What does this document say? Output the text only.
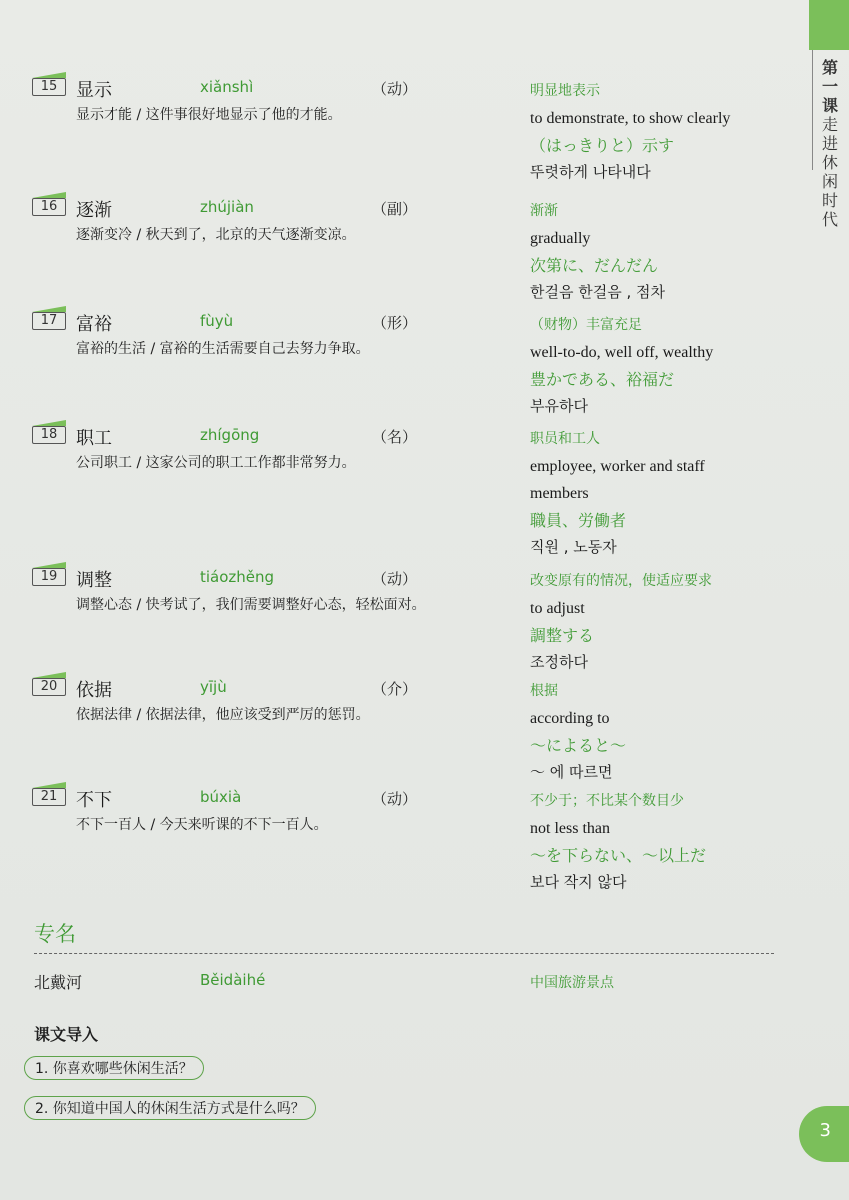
第一课
走进休闲时代
15	显示	xiǎnshì	（动）
显示才能 / 这件事很好地显示了他的才能。
明显地表示
to demonstrate, to show clearly
（はっきりと）示す
뚜렷하게 나타내다
16	逐渐	zhújiàn	（副）
逐渐变冷 / 秋天到了，北京的天气逐渐变凉。
渐渐
gradually
次第に、だんだん
한걸음 한걸음 , 점차
17	富裕	fùyù	（形）
富裕的生活 / 富裕的生活需要自己去努力争取。
（财物）丰富充足
well-to-do, well off, wealthy
豊かである、裕福だ
부유하다
18	职工	zhígōng	（名）
公司职工 / 这家公司的职工工作都非常努力。
职员和工人
employee, worker and staff
members
職員、労働者
직원 , 노동자
19	调整	tiáozhěng	（动）
调整心态 / 快考试了，我们需要调整好心态，轻松面对。
改变原有的情况，使适应要求
to adjust
調整する
조정하다
20	依据	yījù	（介）
依据法律 / 依据法律，他应该受到严厉的惩罚。
根据
according to
～によると～
～ 에 따르면
21	不下	búxià	（动）
不下一百人 / 今天来听课的不下一百人。
不少于；不比某个数目少
not less than
～を下らない、～以上だ
보다 작지 않다
专名
北戴河	Běidàihé	中国旅游景点
课文导入
1. 你喜欢哪些休闲生活？
2. 你知道中国人的休闲生活方式是什么吗？
3
